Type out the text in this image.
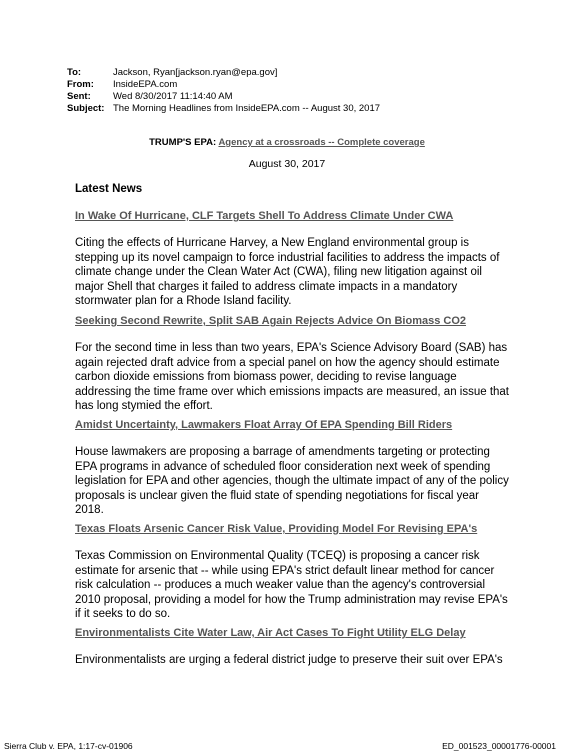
To:	Jackson, Ryan[jackson.ryan@epa.gov]
From:	InsideEPA.com
Sent:	Wed 8/30/2017 11:14:40 AM
Subject: The Morning Headlines from InsideEPA.com -- August 30, 2017
TRUMP'S EPA: Agency at a crossroads -- Complete coverage
August 30, 2017
Latest News
In Wake Of Hurricane, CLF Targets Shell To Address Climate Under CWA
Citing the effects of Hurricane Harvey, a New England environmental group is
stepping up its novel campaign to force industrial facilities to address the impacts of
climate change under the Clean Water Act (CWA), filing new litigation against oil
major Shell that charges it failed to address climate impacts in a mandatory
stormwater plan for a Rhode Island facility.
Seeking Second Rewrite, Split SAB Again Rejects Advice On Biomass CO2
For the second time in less than two years, EPA's Science Advisory Board (SAB) has
again rejected draft advice from a special panel on how the agency should estimate
carbon dioxide emissions from biomass power, deciding to revise language
addressing the time frame over which emissions impacts are measured, an issue that
has long stymied the effort.
Amidst Uncertainty, Lawmakers Float Array Of EPA Spending Bill Riders
House lawmakers are proposing a barrage of amendments targeting or protecting
EPA programs in advance of scheduled floor consideration next week of spending
legislation for EPA and other agencies, though the ultimate impact of any of the policy
proposals is unclear given the fluid state of spending negotiations for fiscal year
2018.
Texas Floats Arsenic Cancer Risk Value, Providing Model For Revising EPA's
Texas Commission on Environmental Quality (TCEQ) is proposing a cancer risk
estimate for arsenic that -- while using EPA's strict default linear method for cancer
risk calculation -- produces a much weaker value than the agency's controversial
2010 proposal, providing a model for how the Trump administration may revise EPA's
if it seeks to do so.
Environmentalists Cite Water Law, Air Act Cases To Fight Utility ELG Delay
Environmentalists are urging a federal district judge to preserve their suit over EPA's
Sierra Club v. EPA, 1:17-cv-01906	ED_001523_00001776-00001
